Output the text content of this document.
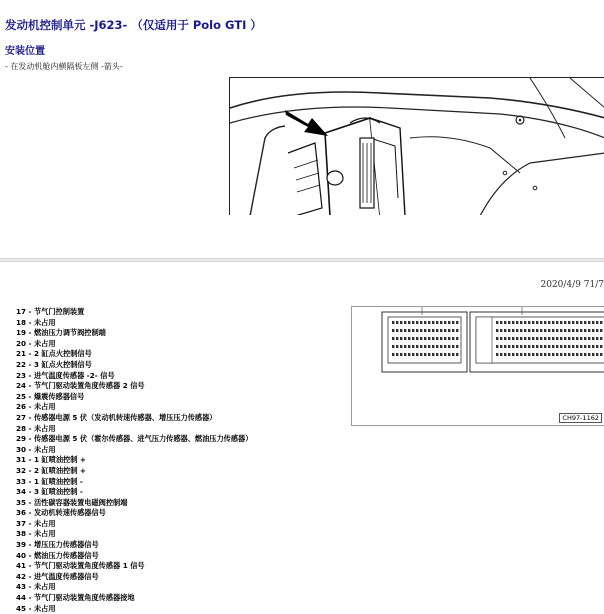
发动机控制单元 -J623- （仅适用于 Polo GTI ）
安装位置
- 在发动机舱内横隔板左侧 -箭头-
2020/4/9 71/7
17 - 节气门控制装置
18 - 未占用
19 - 燃油压力调节阀控制端
20 - 未占用
21 - 2 缸点火控制信号
22 - 3 缸点火控制信号
23 - 进气温度传感器 -2- 信号
24 - 节气门驱动装置角度传感器 2 信号
25 - 爆震传感器信号
26 - 未占用
27 - 传感器电源 5 伏（发动机转速传感器、增压压力传感器）
28 - 未占用
29 - 传感器电源 5 伏（霍尔传感器、进气压力传感器、燃油压力传感器）
30 - 未占用
31 - 1 缸喷油控制 +
32 - 2 缸喷油控制 +
33 - 1 缸喷油控制 -
34 - 3 缸喷油控制 -
35 - 活性碳容器装置电磁阀控制端
36 - 发动机转速传感器信号
37 - 未占用
38 - 未占用
39 - 增压压力传感器信号
40 - 燃油压力传感器信号
41 - 节气门驱动装置角度传感器 1 信号
42 - 进气温度传感器信号
43 - 未占用
44 - 节气门驱动装置角度传感器接地
45 - 未占用
CH97-1162
